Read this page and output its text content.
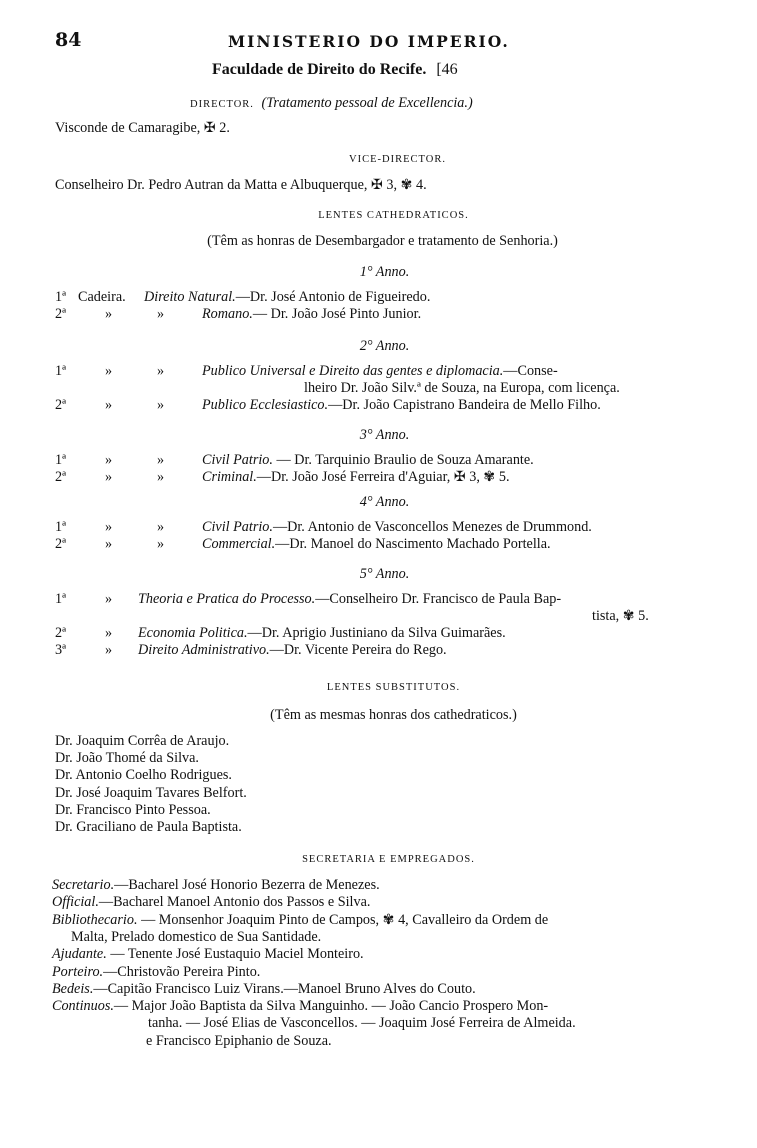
84	MINISTERIO DO IMPERIO.
Faculdade de Direito do Recife. [46
DIRECTOR. (Tratamento pessoal de Excellencia.)
Visconde de Camaragibe, ✠ 2.
VICE-DIRECTOR.
Conselheiro Dr. Pedro Autran da Matta e Albuquerque, ✠ 3, ✾ 4.
LENTES CATHEDRATICOS.
(Têm as honras de Desembargador e tratamento de Senhoria.)
1° Anno.
1ª Cadeira. Direito Natural.—Dr. José Antonio de Figueiredo.
2ª	»	»	Romano.— Dr. João José Pinto Junior.
2° Anno.
1ª	»	»	Publico Universal e Direito das gentes e diplomacia.—Conse-
lheiro Dr. João Silv.ª de Souza, na Europa, com licença.
2ª	»	»	Publico Ecclesiastico.—Dr. João Capistrano Bandeira de Mello Filho.
3° Anno.
1ª	»	»	Civil Patrio. — Dr. Tarquinio Braulio de Souza Amarante.
2ª	»	»	Criminal.—Dr. João José Ferreira d'Aguiar, ✠ 3, ✾ 5.
4° Anno.
1ª	»	»	Civil Patrio.—Dr. Antonio de Vasconcellos Menezes de Drummond.
2ª	»	»	Commercial.—Dr. Manoel do Nascimento Machado Portella.
5° Anno.
1ª	» Theoria e Pratica do Processo.—Conselheiro Dr. Francisco de Paula Bap-
tista, ✾ 5.
2ª	» Economia Politica.—Dr. Aprigio Justiniano da Silva Guimarães.
3ª	» Direito Administrativo.—Dr. Vicente Pereira do Rego.
LENTES SUBSTITUTOS.
(Têm as mesmas honras dos cathedraticos.)
Dr. Joaquim Corrêa de Araujo.
Dr. João Thomé da Silva.
Dr. Antonio Coelho Rodrigues.
Dr. José Joaquim Tavares Belfort.
Dr. Francisco Pinto Pessoa.
Dr. Graciliano de Paula Baptista.
SECRETARIA E EMPREGADOS.
Secretario.—Bacharel José Honorio Bezerra de Menezes.
Official.—Bacharel Manoel Antonio dos Passos e Silva.
Bibliothecario. — Monsenhor Joaquim Pinto de Campos, ✾ 4, Cavalleiro da Ordem de
Malta, Prelado domestico de Sua Santidade.
Ajudante. — Tenente José Eustaquio Maciel Monteiro.
Porteiro.—Christovão Pereira Pinto.
Bedeis.—Capitão Francisco Luiz Virans.—Manoel Bruno Alves do Couto.
Continuos.— Major João Baptista da Silva Manguinho. — João Cancio Prospero Mon-
tanha. — José Elias de Vasconcellos. — Joaquim José Ferreira de Almeida.
e Francisco Epiphanio de Souza.
